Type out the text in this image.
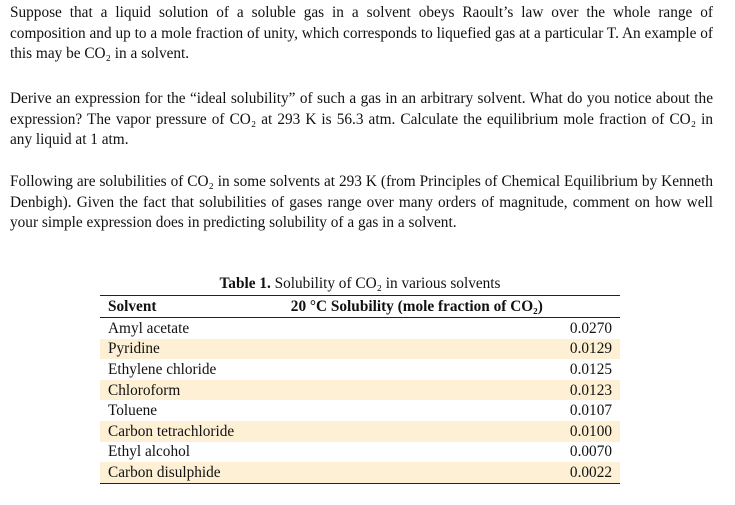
Suppose that a liquid solution of a soluble gas in a solvent obeys Raoult’s law over the whole range of composition and up to a mole fraction of unity, which corresponds to liquefied gas at a particular T. An example of this may be CO₂ in a solvent.

Derive an expression for the “ideal solubility” of such a gas in an arbitrary solvent. What do you notice about the expression? The vapor pressure of CO₂ at 293 K is 56.3 atm. Calculate the equilibrium mole fraction of CO₂ in any liquid at 1 atm.

Following are solubilities of CO₂ in some solvents at 293 K (from Principles of Chemical Equilibrium by Kenneth Denbigh). Given the fact that solubilities of gases range over many orders of magnitude, comment on how well your simple expression does in predicting solubility of a gas in a solvent.

Table 1. Solubility of CO₂ in various solvents
Solvent	20 °C Solubility (mole fraction of CO₂)
Amyl acetate	0.0270
Pyridine	0.0129
Ethylene chloride	0.0125
Chloroform	0.0123
Toluene	0.0107
Carbon tetrachloride	0.0100
Ethyl alcohol	0.0070
Carbon disulphide	0.0022
